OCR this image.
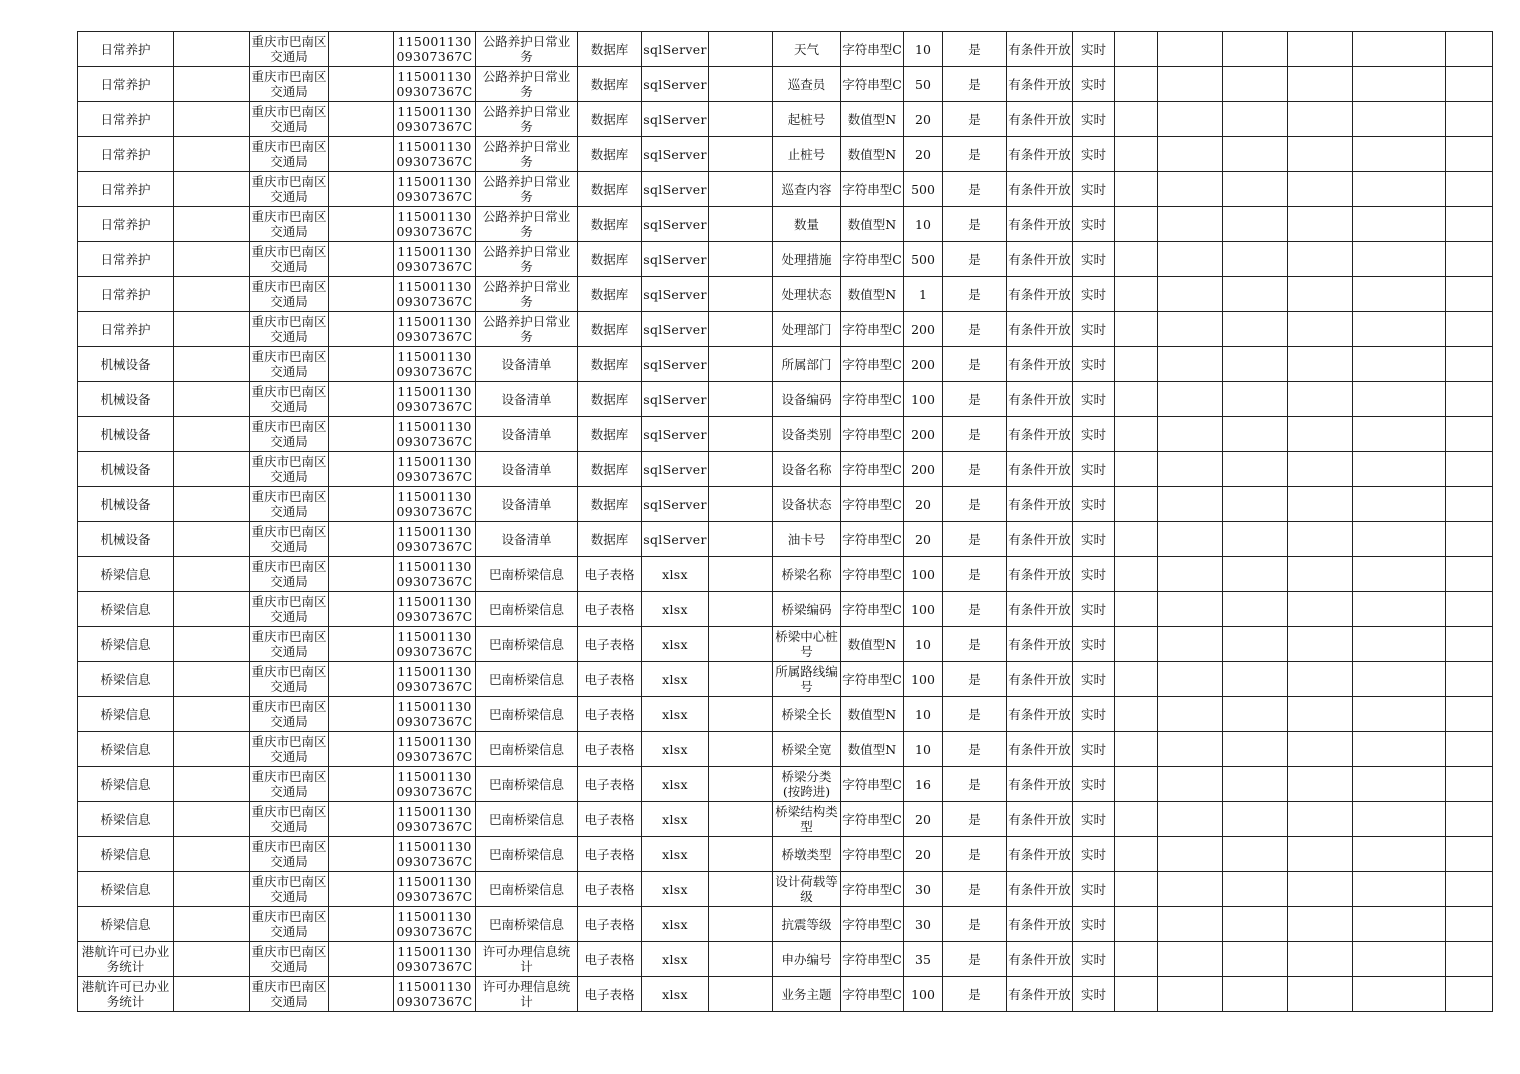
日常养护		重庆市巴南区交通局		11500113009307367C	公路养护日常业务	数据库	sqlServer		天气	字符串型C	10	是	有条件开放	实时						
日常养护		重庆市巴南区交通局		11500113009307367C	公路养护日常业务	数据库	sqlServer		巡查员	字符串型C	50	是	有条件开放	实时						
日常养护		重庆市巴南区交通局		11500113009307367C	公路养护日常业务	数据库	sqlServer		起桩号	数值型N	20	是	有条件开放	实时						
日常养护		重庆市巴南区交通局		11500113009307367C	公路养护日常业务	数据库	sqlServer		止桩号	数值型N	20	是	有条件开放	实时						
日常养护		重庆市巴南区交通局		11500113009307367C	公路养护日常业务	数据库	sqlServer		巡查内容	字符串型C	500	是	有条件开放	实时						
日常养护		重庆市巴南区交通局		11500113009307367C	公路养护日常业务	数据库	sqlServer		数量	数值型N	10	是	有条件开放	实时						
日常养护		重庆市巴南区交通局		11500113009307367C	公路养护日常业务	数据库	sqlServer		处理措施	字符串型C	500	是	有条件开放	实时						
日常养护		重庆市巴南区交通局		11500113009307367C	公路养护日常业务	数据库	sqlServer		处理状态	数值型N	1	是	有条件开放	实时						
日常养护		重庆市巴南区交通局		11500113009307367C	公路养护日常业务	数据库	sqlServer		处理部门	字符串型C	200	是	有条件开放	实时						
机械设备		重庆市巴南区交通局		11500113009307367C	设备清单	数据库	sqlServer		所属部门	字符串型C	200	是	有条件开放	实时						
机械设备		重庆市巴南区交通局		11500113009307367C	设备清单	数据库	sqlServer		设备编码	字符串型C	100	是	有条件开放	实时						
机械设备		重庆市巴南区交通局		11500113009307367C	设备清单	数据库	sqlServer		设备类别	字符串型C	200	是	有条件开放	实时						
机械设备		重庆市巴南区交通局		11500113009307367C	设备清单	数据库	sqlServer		设备名称	字符串型C	200	是	有条件开放	实时						
机械设备		重庆市巴南区交通局		11500113009307367C	设备清单	数据库	sqlServer		设备状态	字符串型C	20	是	有条件开放	实时						
机械设备		重庆市巴南区交通局		11500113009307367C	设备清单	数据库	sqlServer		油卡号	字符串型C	20	是	有条件开放	实时						
桥梁信息		重庆市巴南区交通局		11500113009307367C	巴南桥梁信息	电子表格	xlsx		桥梁名称	字符串型C	100	是	有条件开放	实时						
桥梁信息		重庆市巴南区交通局		11500113009307367C	巴南桥梁信息	电子表格	xlsx		桥梁编码	字符串型C	100	是	有条件开放	实时						
桥梁信息		重庆市巴南区交通局		11500113009307367C	巴南桥梁信息	电子表格	xlsx		桥梁中心桩号	数值型N	10	是	有条件开放	实时						
桥梁信息		重庆市巴南区交通局		11500113009307367C	巴南桥梁信息	电子表格	xlsx		所属路线编号	字符串型C	100	是	有条件开放	实时						
桥梁信息		重庆市巴南区交通局		11500113009307367C	巴南桥梁信息	电子表格	xlsx		桥梁全长	数值型N	10	是	有条件开放	实时						
桥梁信息		重庆市巴南区交通局		11500113009307367C	巴南桥梁信息	电子表格	xlsx		桥梁全宽	数值型N	10	是	有条件开放	实时						
桥梁信息		重庆市巴南区交通局		11500113009307367C	巴南桥梁信息	电子表格	xlsx		桥梁分类(按跨进)	字符串型C	16	是	有条件开放	实时						
桥梁信息		重庆市巴南区交通局		11500113009307367C	巴南桥梁信息	电子表格	xlsx		桥梁结构类型	字符串型C	20	是	有条件开放	实时						
桥梁信息		重庆市巴南区交通局		11500113009307367C	巴南桥梁信息	电子表格	xlsx		桥墩类型	字符串型C	20	是	有条件开放	实时						
桥梁信息		重庆市巴南区交通局		11500113009307367C	巴南桥梁信息	电子表格	xlsx		设计荷载等级	字符串型C	30	是	有条件开放	实时						
桥梁信息		重庆市巴南区交通局		11500113009307367C	巴南桥梁信息	电子表格	xlsx		抗震等级	字符串型C	30	是	有条件开放	实时						
港航许可已办业务统计		重庆市巴南区交通局		11500113009307367C	许可办理信息统计	电子表格	xlsx		申办编号	字符串型C	35	是	有条件开放	实时						
港航许可已办业务统计		重庆市巴南区交通局		11500113009307367C	许可办理信息统计	电子表格	xlsx		业务主题	字符串型C	100	是	有条件开放	实时						
